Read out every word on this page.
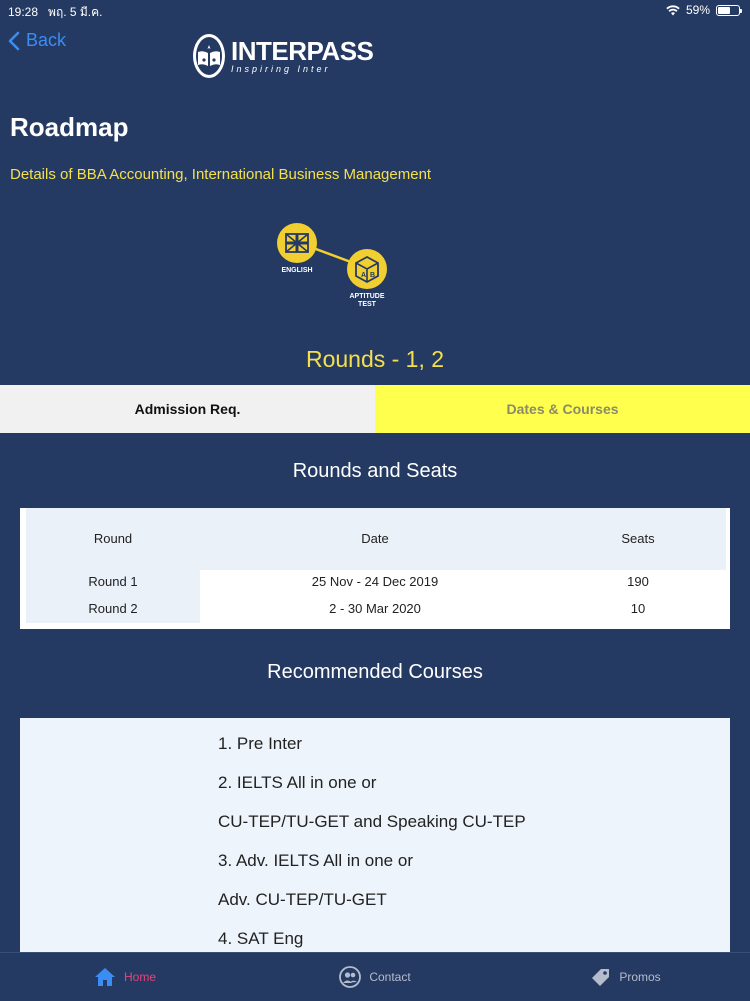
19:28 พฤ. 5 มี.ค.	59%
Back	INTERPASS
Inspiring Inter
Roadmap
Details of BBA Accounting, International Business Management
A B
ENGLISH
APTITUDE TEST
Rounds - 1, 2
Admission Req.	Dates & Courses
Rounds and Seats
Round	Date	Seats
Round 1	25 Nov - 24 Dec 2019	190
Round 2	2 - 30 Mar 2020	10
Recommended Courses
1. Pre Inter
2. IELTS All in one or
CU-TEP/TU-GET and Speaking CU-TEP
3. Adv. IELTS All in one or
Adv. CU-TEP/TU-GET
4. SAT Eng
Home	Contact	Promos
